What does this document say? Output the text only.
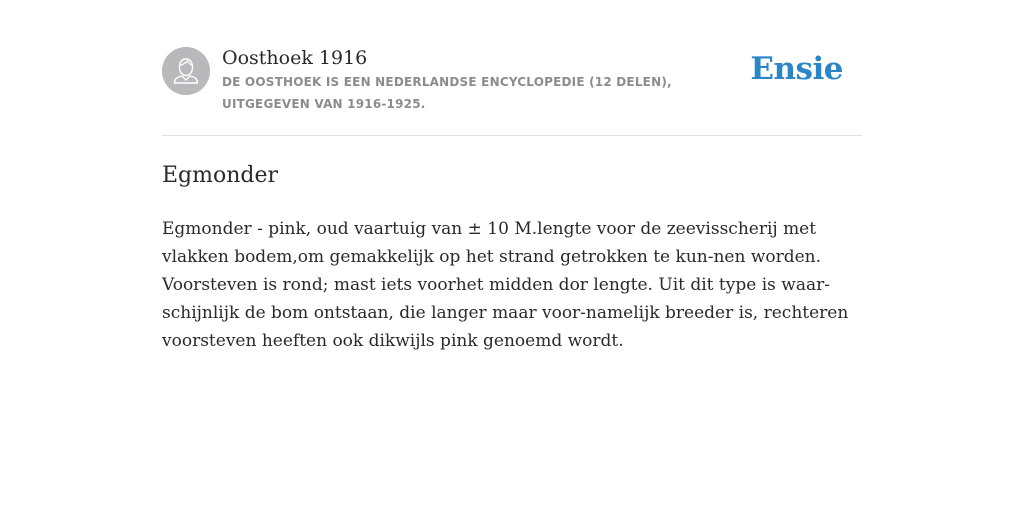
Oosthoek 1916

DE OOSTHOEK IS EEN NEDERLANDSE ENCYCLOPEDIE (12 DELEN), UITGEGEVEN VAN 1916-1925.

Ensie
Egmonder

Egmonder - pink, oud vaartuig van ± 10 M.lengte voor de zeevisscherij met vlakken bodem,om gemakkelijk op het strand getrokken te kun-nen worden. Voorsteven is rond; mast iets voorhet midden dor lengte. Uit dit type is waar-schijnlijk de bom ontstaan, die langer maar voor-namelijk breeder is, rechteren voorsteven heeften ook dikwijls pink genoemd wordt.
